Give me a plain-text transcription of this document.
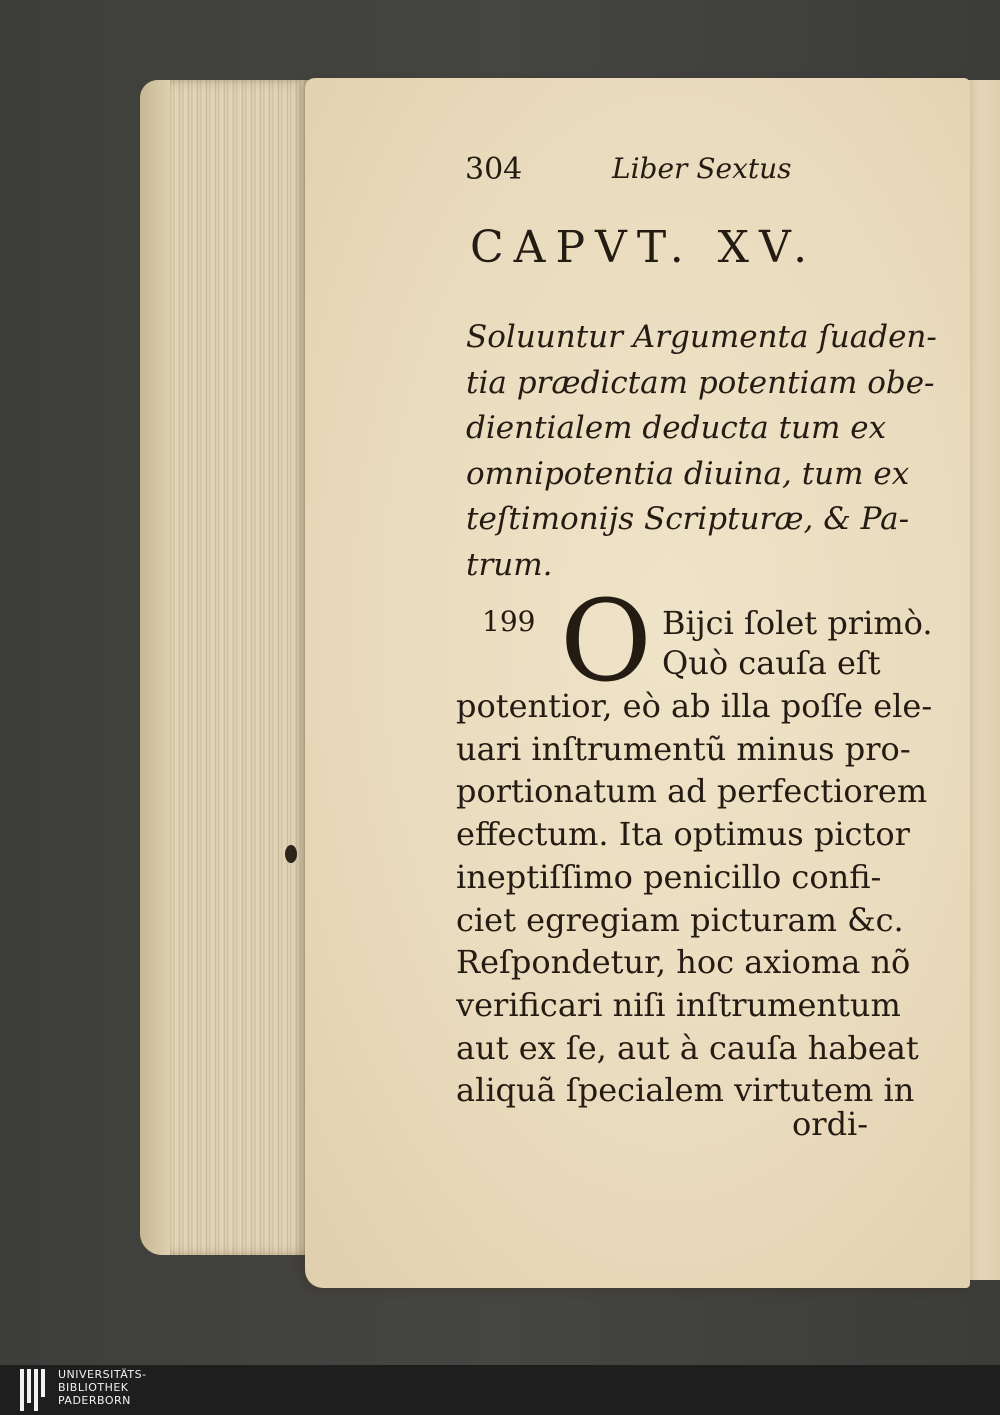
304	Liber Sextus
CAPVT. XV.
Soluuntur Argumenta ſuaden-
tia prædictam potentiam obe-
dientialem deducta tum ex
omnipotentia diuina, tum ex
teſtimonijs Scripturæ, & Pa-
trum.
199 O Bijci ſolet primò.
Quò cauſa eſt
potentior, eò ab illa poſſe ele-
uari inſtrumentũ minus pro-
portionatum ad perfectiorem
effectum. Ita optimus pictor
ineptiſſimo penicillo confi-
ciet egregiam picturam &c.
Reſpondetur, hoc axioma nõ
verificari niſi inſtrumentum
aut ex ſe, aut à cauſa habeat
aliquã ſpecialem virtutem in
ordi-
UNIVERSITÄTS-
BIBLIOTHEK
PADERBORN
